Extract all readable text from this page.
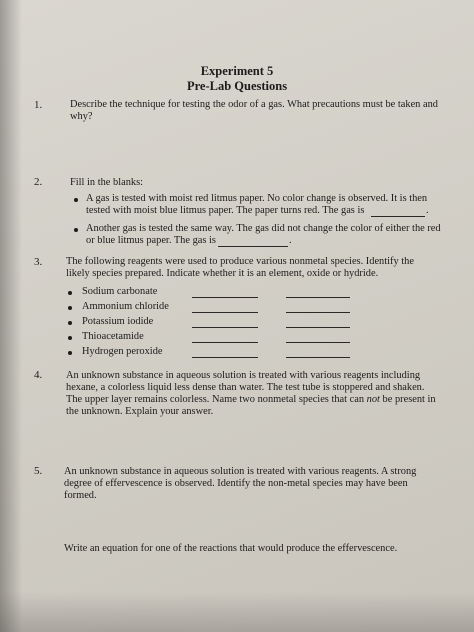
Experiment 5
Pre-Lab Questions
1.	Describe the technique for testing the odor of a gas. What precautions must be taken and
why?
2.	Fill in the blanks:
A gas is tested with moist red litmus paper. No color change is observed. It is then
tested with moist blue litmus paper. The paper turns red. The gas is	.
Another gas is tested the same way. The gas did not change the color of either the red
or blue litmus paper. The gas is	.
3. The following reagents were used to produce various nonmetal species. Identify the
likely species prepared. Indicate whether it is an element, oxide or hydride.
Sodium carbonate
Ammonium chloride
Potassium iodide
Thioacetamide
Hydrogen peroxide
4. An unknown substance in aqueous solution is treated with various reagents including
hexane, a colorless liquid less dense than water. The test tube is stoppered and shaken.
The upper layer remains colorless. Name two nonmetal species that can not be present in
the unknown. Explain your answer.
5. An unknown substance in aqueous solution is treated with various reagents. A strong
degree of effervescence is observed. Identify the non-metal species may have been
formed.
Write an equation for one of the reactions that would produce the effervescence.
